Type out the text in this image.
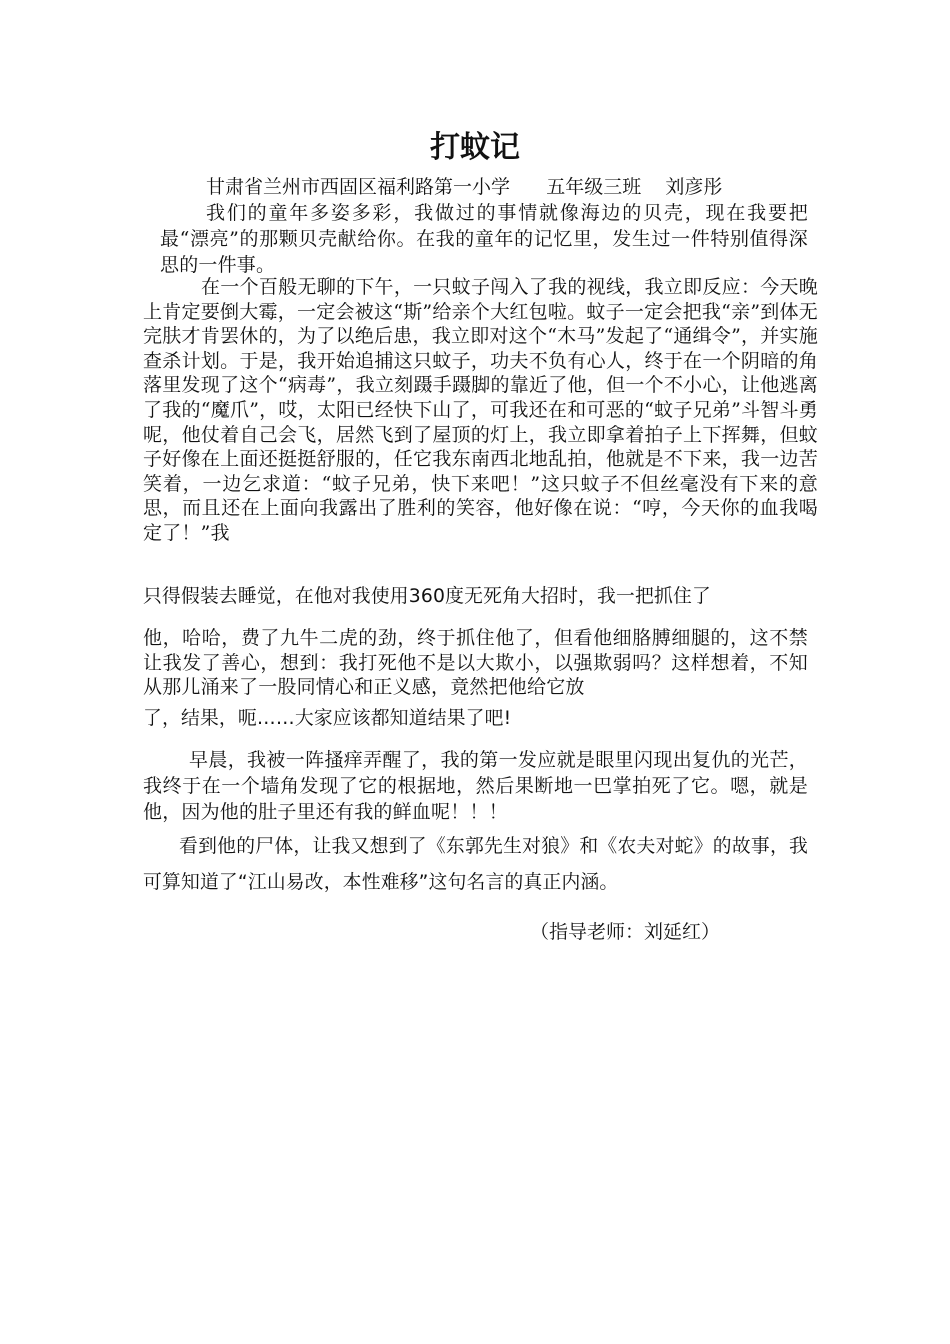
打蚊记

甘肃省兰州市西固区福利路第一小学      五年级三班    刘彦彤

我们的童年多姿多彩，我做过的事情就像海边的贝壳，现在我要把最“漂亮”的那颗贝壳献给你。在我的童年的记忆里，发生过一件特别值得深思的一件事。

在一个百般无聊的下午，一只蚊子闯入了我的视线，我立即反应：今天晚上肯定要倒大霉，一定会被这“斯”给亲个大红包啦。蚊子一定会把我“亲”到体无完肤才肯罢休的，为了以绝后患，我立即对这个“木马”发起了“通缉令”，并实施查杀计划。于是，我开始追捕这只蚊子，功夫不负有心人，终于在一个阴暗的角落里发现了这个“病毒”，我立刻蹑手蹑脚的靠近了他，但一个不小心，让他逃离了我的“魔爪”，哎，太阳已经快下山了，可我还在和可恶的“蚊子兄弟”斗智斗勇呢，他仗着自己会飞，居然飞到了屋顶的灯上，我立即拿着拍子上下挥舞，但蚊子好像在上面还挺挺舒服的，任它我东南西北地乱拍，他就是不下来，我一边苦笑着，一边乞求道：“蚊子兄弟，快下来吧！”这只蚊子不但丝毫没有下来的意思，而且还在上面向我露出了胜利的笑容，他好像在说：“哼，今天你的血我喝定了！”我

只得假装去睡觉，在他对我使用360度无死角大招时，我一把抓住了

他，哈哈，费了九牛二虎的劲，终于抓住他了，但看他细胳膊细腿的，这不禁让我发了善心，想到：我打死他不是以大欺小，以强欺弱吗？这样想着，不知从那儿涌来了一股同情心和正义感，竟然把他给它放

了，结果，呃……大家应该都知道结果了吧!

早晨，我被一阵搔痒弄醒了，我的第一发应就是眼里闪现出复仇的光芒，我终于在一个墙角发现了它的根据地，然后果断地一巴掌拍死了它。嗯，就是他，因为他的肚子里还有我的鲜血呢！！！

看到他的尸体，让我又想到了《东郭先生对狼》和《农夫对蛇》的故事，我可算知道了“江山易改，本性难移”这句名言的真正内涵。

（指导老师：刘延红）
